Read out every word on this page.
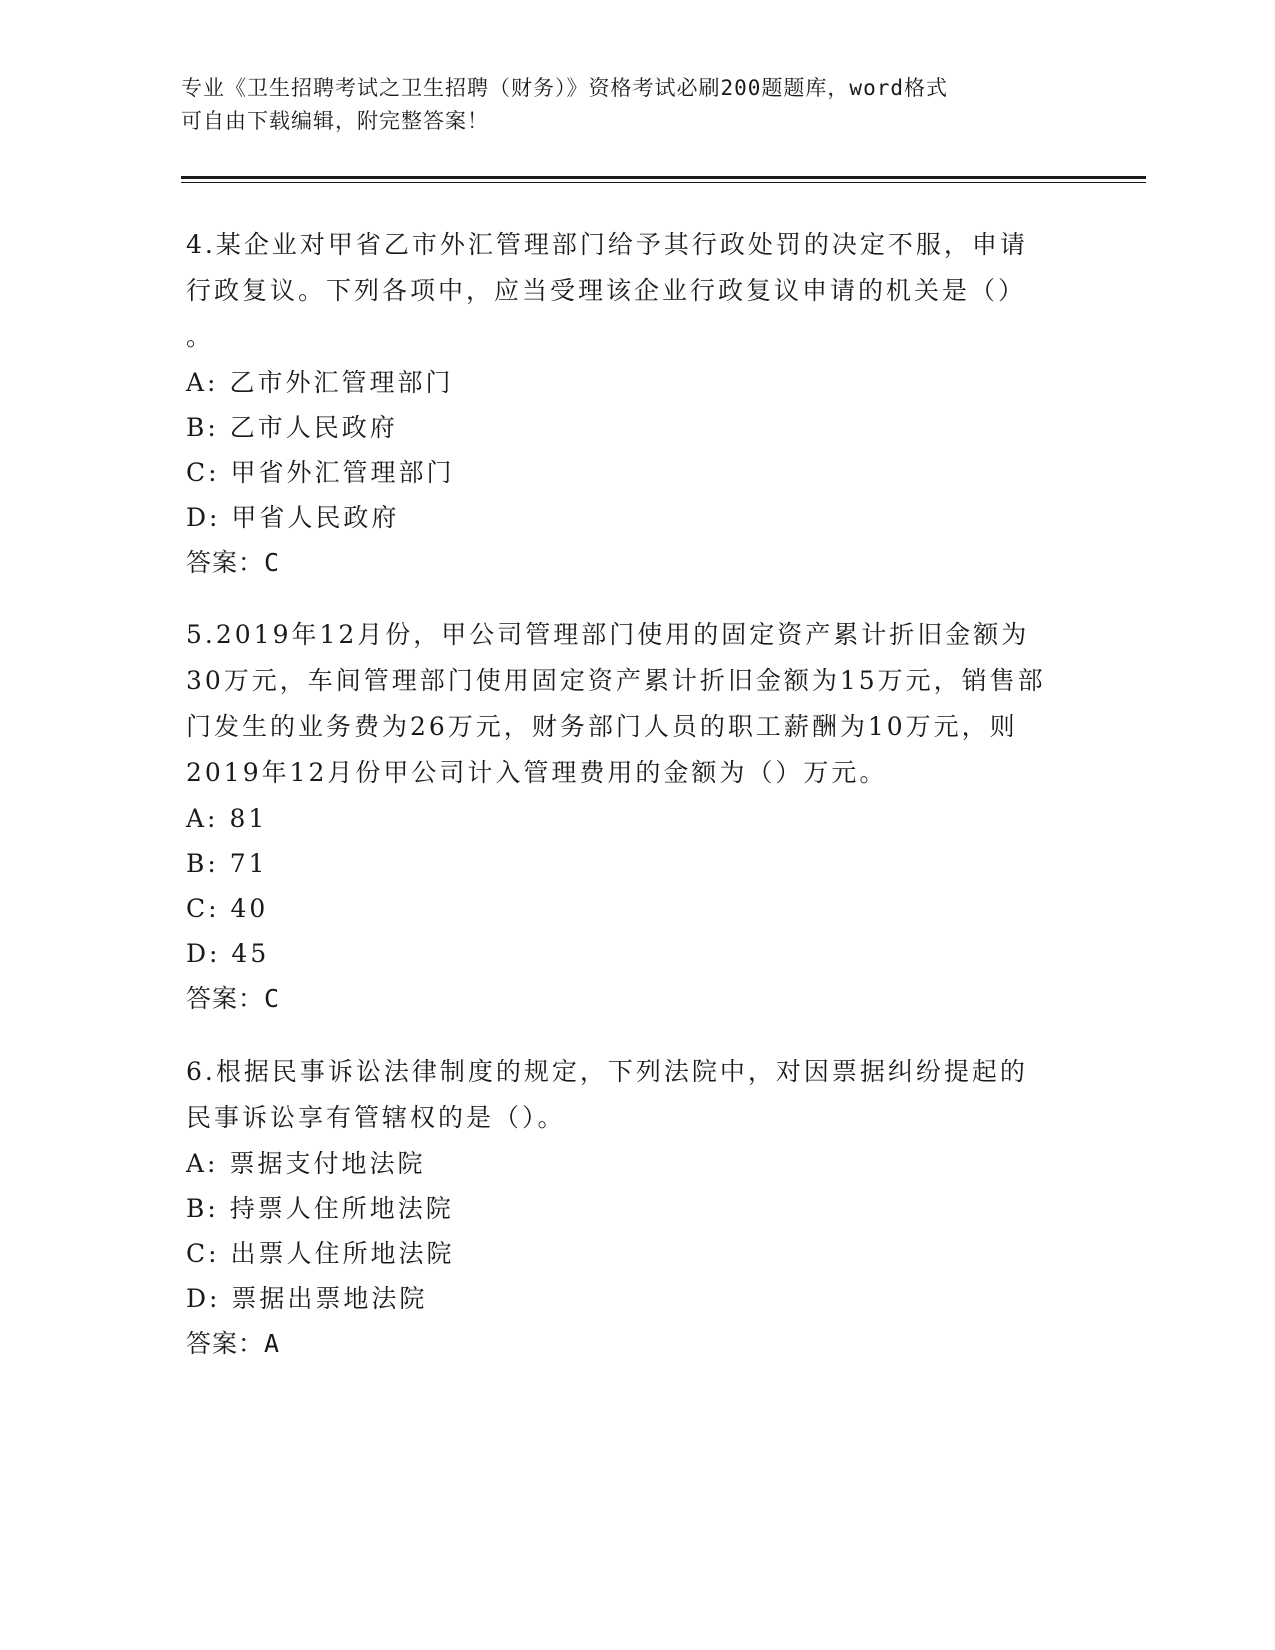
专业《卫生招聘考试之卫生招聘（财务）》资格考试必刷200题题库，word格式
可自由下载编辑，附完整答案！
4.某企业对甲省乙市外汇管理部门给予其行政处罚的决定不服，申请
行政复议。下列各项中，应当受理该企业行政复议申请的机关是（）
。
A: 乙市外汇管理部门
B: 乙市人民政府
C: 甲省外汇管理部门
D: 甲省人民政府
答案：C
5.2019年12月份，甲公司管理部门使用的固定资产累计折旧金额为
30万元，车间管理部门使用固定资产累计折旧金额为15万元，销售部
门发生的业务费为26万元，财务部门人员的职工薪酬为10万元，则
2019年12月份甲公司计入管理费用的金额为（）万元。
A: 81
B: 71
C: 40
D: 45
答案：C
6.根据民事诉讼法律制度的规定，下列法院中，对因票据纠纷提起的
民事诉讼享有管辖权的是（）。
A: 票据支付地法院
B: 持票人住所地法院
C: 出票人住所地法院
D: 票据出票地法院
答案：A
